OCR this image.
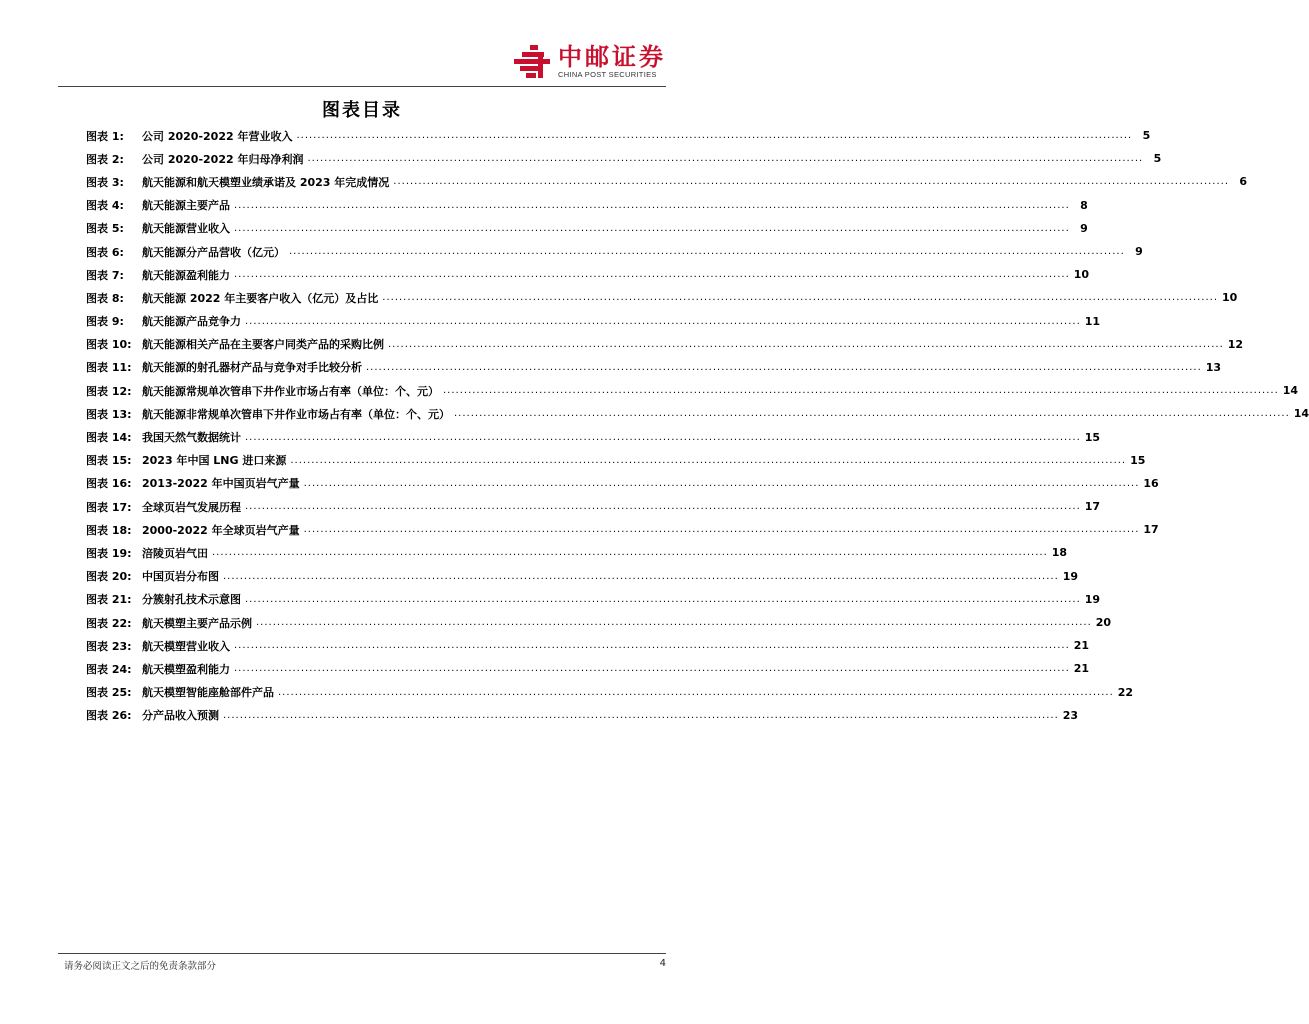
中邮证券
CHINA POST SECURITIES
图表目录
图表 1:	公司 2020-2022 年营业收入 ........................................................................................................................................................................................................ 5
图表 2:	公司 2020-2022 年归母净利润 ........................................................................................................................................................................................................ 5
图表 3:	航天能源和航天模塑业绩承诺及 2023 年完成情况 ........................................................................................................................................................................................................ 6
图表 4:	航天能源主要产品 ........................................................................................................................................................................................................ 8
图表 5:	航天能源营业收入 ........................................................................................................................................................................................................ 9
图表 6:	航天能源分产品营收（亿元） ........................................................................................................................................................................................................ 9
图表 7:	航天能源盈利能力 ........................................................................................................................................................................................................ 10
图表 8:	航天能源 2022 年主要客户收入（亿元）及占比 ........................................................................................................................................................................................................ 10
图表 9:	航天能源产品竞争力 ........................................................................................................................................................................................................ 11
图表 10: 航天能源相关产品在主要客户同类产品的采购比例 ........................................................................................................................................................................................................ 12
图表 11: 航天能源的射孔器材产品与竞争对手比较分析 ........................................................................................................................................................................................................ 13
图表 12: 航天能源常规单次管串下井作业市场占有率（单位：个、元） ........................................................................................................................................................................................................ 14
图表 13: 航天能源非常规单次管串下井作业市场占有率（单位：个、元） ........................................................................................................................................................................................................ 14
图表 14: 我国天然气数据统计 ........................................................................................................................................................................................................ 15
图表 15: 2023 年中国 LNG 进口来源 ........................................................................................................................................................................................................ 15
图表 16: 2013-2022 年中国页岩气产量 ........................................................................................................................................................................................................ 16
图表 17: 全球页岩气发展历程 ........................................................................................................................................................................................................ 17
图表 18: 2000-2022 年全球页岩气产量 ........................................................................................................................................................................................................ 17
图表 19: 涪陵页岩气田 ........................................................................................................................................................................................................ 18
图表 20: 中国页岩分布图 ........................................................................................................................................................................................................ 19
图表 21: 分簇射孔技术示意图 ........................................................................................................................................................................................................ 19
图表 22: 航天模塑主要产品示例 ........................................................................................................................................................................................................ 20
图表 23: 航天模塑营业收入 ........................................................................................................................................................................................................ 21
图表 24: 航天模塑盈利能力 ........................................................................................................................................................................................................ 21
图表 25: 航天模塑智能座舱部件产品 ........................................................................................................................................................................................................ 22
图表 26: 分产品收入预测 ........................................................................................................................................................................................................ 23
请务必阅读正文之后的免责条款部分	4
